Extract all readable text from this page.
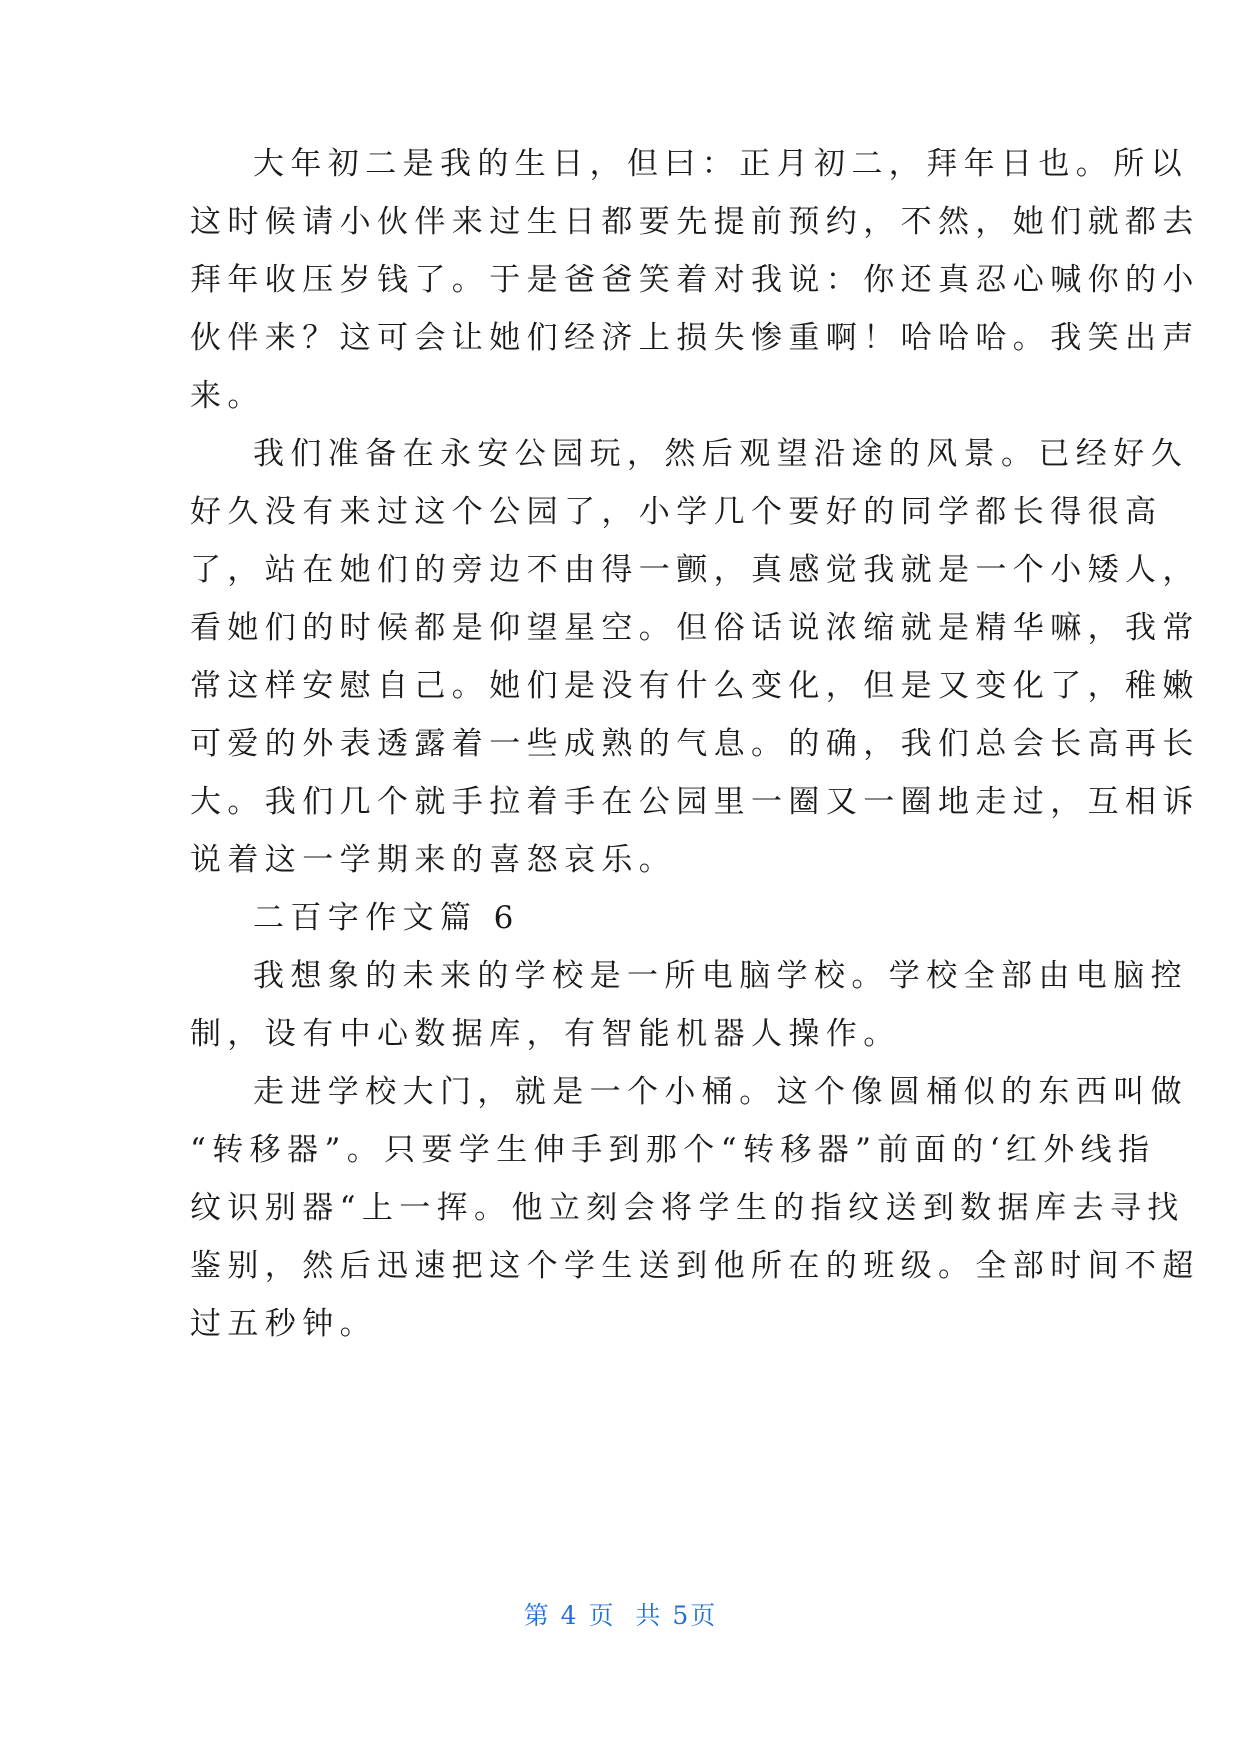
大年初二是我的生日，但曰：正月初二，拜年日也。所以
这时候请小伙伴来过生日都要先提前预约，不然，她们就都去
拜年收压岁钱了。于是爸爸笑着对我说：你还真忍心喊你的小
伙伴来？这可会让她们经济上损失惨重啊！哈哈哈。我笑出声
来。
我们准备在永安公园玩，然后观望沿途的风景。已经好久
好久没有来过这个公园了，小学几个要好的同学都长得很高
了，站在她们的旁边不由得一颤，真感觉我就是一个小矮人，
看她们的时候都是仰望星空。但俗话说浓缩就是精华嘛，我常
常这样安慰自己。她们是没有什么变化，但是又变化了，稚嫩
可爱的外表透露着一些成熟的气息。的确，我们总会长高再长
大。我们几个就手拉着手在公园里一圈又一圈地走过，互相诉
说着这一学期来的喜怒哀乐。
二百字作文篇 6
我想象的未来的学校是一所电脑学校。学校全部由电脑控
制，设有中心数据库，有智能机器人操作。
走进学校大门，就是一个小桶。这个像圆桶似的东西叫做
“转移器”。只要学生伸手到那个“转移器”前面的‘红外线指
纹识别器“上一挥。他立刻会将学生的指纹送到数据库去寻找
鉴别，然后迅速把这个学生送到他所在的班级。全部时间不超
过五秒钟。
第 4 页  共 5页
